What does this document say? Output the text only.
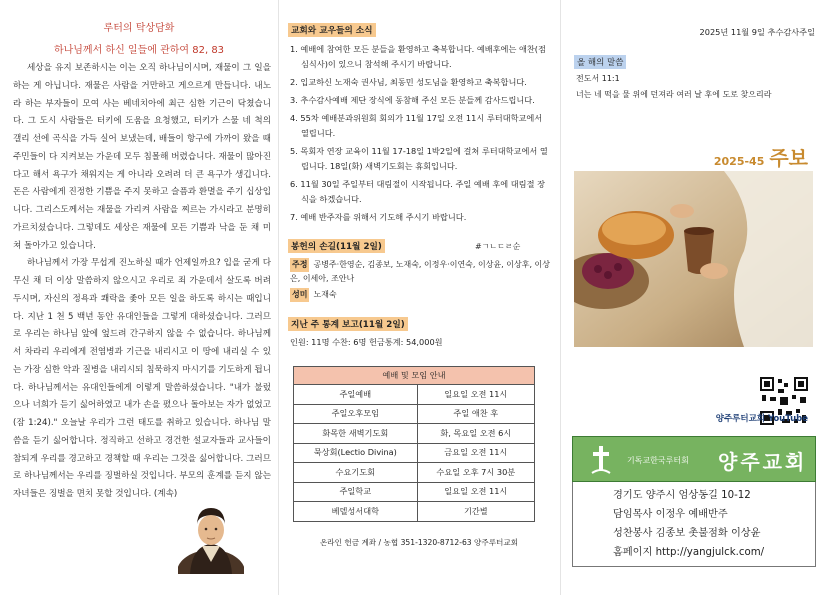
루터의 탁상담화
하나님께서 하신 일들에 관하여 82, 83

세상을 유지 보존하시는 이는 오직 하나님이시며, 재물이 그 일을 하는 게 아닙니다. 재물은 사람을 거만하고 게으르게 만듭니다. 내노라 하는 부자들이 모여 사는 베네치아에 최근 심한 기근이 닥쳤습니다. 그 도시 사람들은 터키에 도움을 요청했고, 터키가 스물 네 척의 갤리 선에 곡식을 가득 실어 보냈는데, 배들이 항구에 가까이 왔을 때 주민들이 다 지켜보는 가운데 모두 침몰해 버렸습니다. 재물이 많아진다고 해서 욕구가 채워지는 게 아니라 오려려 더 큰 욕구가 생깁니다. 돈은 사람에게 진정한 기쁨을 주지 못하고 슬픔과 환멸을 주기 십상입니다. 그리스도께서는 재물을 가리켜 사람을 찌르는 가시라고 분명히 가르치셨습니다. 그렇데도 세상은 재물에 모든 기쁨과 낙을 둔 채 미쳐 돌아가고 있습니다.

하나님께서 가장 무섭게 진노하실 때가 언제일까요? 입을 굳게 다무신 채 더 이상 말씀하지 않으시고 우리로 죄 가운데서 살도록 버려 두시며, 자신의 정욕과 쾌락을 좇아 모든 일을 하도록 하시는 때입니다. 지난 1 천 5 백년 동안 유대인들을 그렇게 대하셨습니다. 그러므로 우리는 하나님 앞에 엎드려 간구하지 않을 수 없습니다. 하나님께서 차라리 우리에게 전염병과 기근을 내리시고 이 땅에 내리실 수 있는 가장 심한 악과 질병을 내리시되 침묵하지 마시기를 기도하게 됩니다. 하나님께서는 유대인들에게 이렇게 말씀하셨습니다. "내가 불렀으나 너희가 듣기 싫어하였고 내가 손을 폈으나 돌아보는 자가 없었고(잠 1:24)." 오늘날 우리가 그런 태도를 취하고 있습니다. 하나님 말씀을 듣기 싫어합니다. 정직하고 선하고 경건한 설교자들과 교사들이 참되게 우리를 경고하고 경책할 때 우리는 그것을 싫어합니다. 그러므로 하나님께서는 우리를 징벌하실 것입니다. 부모의 훈계를 듣지 않는 자녀들은 징벌을 면치 못할 것입니다. (계속)

교회와 교우들의 소식
1. 예배에 참여한 모든 분들을 환영하고 축복합니다. 예배후에는 애찬(점심식사)이 있으니 참석해 주시기 바랍니다.
2. 입교하신 노재숙 권사님, 최동민 성도님을 환영하고 축복합니다.
3. 추수감사예배 제단 장식에 동참해 주신 모든 분들께 감사드립니다.
4. 55차 예배분과위원회 회의가 11월 17일 오전 11시 루터대학교에서 열립니다.
5. 목회자 연장 교육이 11월 17-18일 1박2일에 걸쳐 루터대학교에서 열립니다. 18일(화) 새벽기도회는 휴회입니다.
6. 11월 30일 주일부터 대림절이 시작됩니다. 주일 예배 후에 대림절 장식을 하겠습니다.
7. 예배 반주자를 위해서 기도해 주시기 바랍니다.
봉헌의 손길(11월 2일)	#ㄱㄴㄷㄹ순
주정 공병주·한영순, 김종보, 노재숙, 이정우·이연숙, 이상윤, 이상후, 이상은, 이세아, 조안나
성미 노재숙
지난 주 통계 보고(11월 2일)
인원: 11명 수찬: 6명 헌금통계: 54,000원
예배 및 모임 안내	
주일예배	일요일 오전 11시
주일오후모임	주일 애찬 후
화목한 새벽기도회	화, 목요일 오전 6시
묵상회(Lectio Divina)	금요일 오전 11시
수요기도회	수요일 오후 7시 30분
주일학교	일요일 오전 11시
베델성서대학	기간별
온라인 헌금 계좌 / 농협 351-1320-8712-63 양주루터교회
2025년 11월 9일 추수감사주일
올 해의 말씀
전도서 11:1
너는 네 떡을 물 위에 던져라 여러 날 후에 도로 찾으리라
2025-45 주보
양주루터교회 YouTube
기독교한국루터회 양주교회
경기도 양주시 엄상동길 10-12
담임목사 이정우 예배반주
성찬봉사 김종보 촛불점화 이상윤
홈페이지 http://yangjulck.com/
